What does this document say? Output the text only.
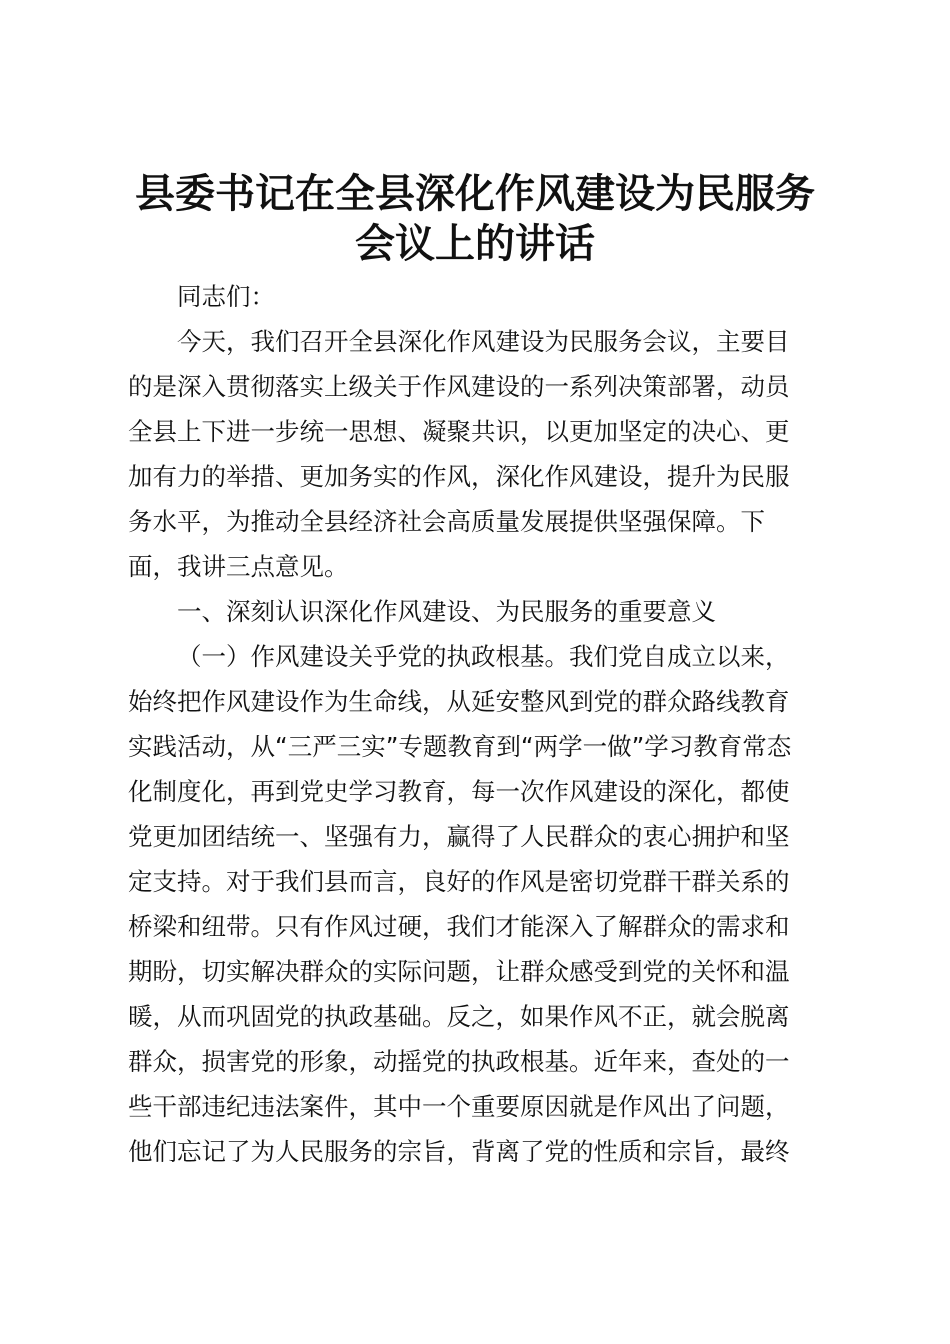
县委书记在全县深化作风建设为民服务
会议上的讲话
同志们：
今天，我们召开全县深化作风建设为民服务会议，主要目
的是深入贯彻落实上级关于作风建设的一系列决策部署，动员
全县上下进一步统一思想、凝聚共识，以更加坚定的决心、更
加有力的举措、更加务实的作风，深化作风建设，提升为民服
务水平，为推动全县经济社会高质量发展提供坚强保障。下
面，我讲三点意见。
一、深刻认识深化作风建设、为民服务的重要意义
（一）作风建设关乎党的执政根基。我们党自成立以来，
始终把作风建设作为生命线，从延安整风到党的群众路线教育
实践活动，从“三严三实”专题教育到“两学一做”学习教育常态
化制度化，再到党史学习教育，每一次作风建设的深化，都使
党更加团结统一、坚强有力，赢得了人民群众的衷心拥护和坚
定支持。对于我们县而言，良好的作风是密切党群干群关系的
桥梁和纽带。只有作风过硬，我们才能深入了解群众的需求和
期盼，切实解决群众的实际问题，让群众感受到党的关怀和温
暖，从而巩固党的执政基础。反之，如果作风不正，就会脱离
群众，损害党的形象，动摇党的执政根基。近年来，查处的一
些干部违纪违法案件，其中一个重要原因就是作风出了问题，
他们忘记了为人民服务的宗旨，背离了党的性质和宗旨，最终
